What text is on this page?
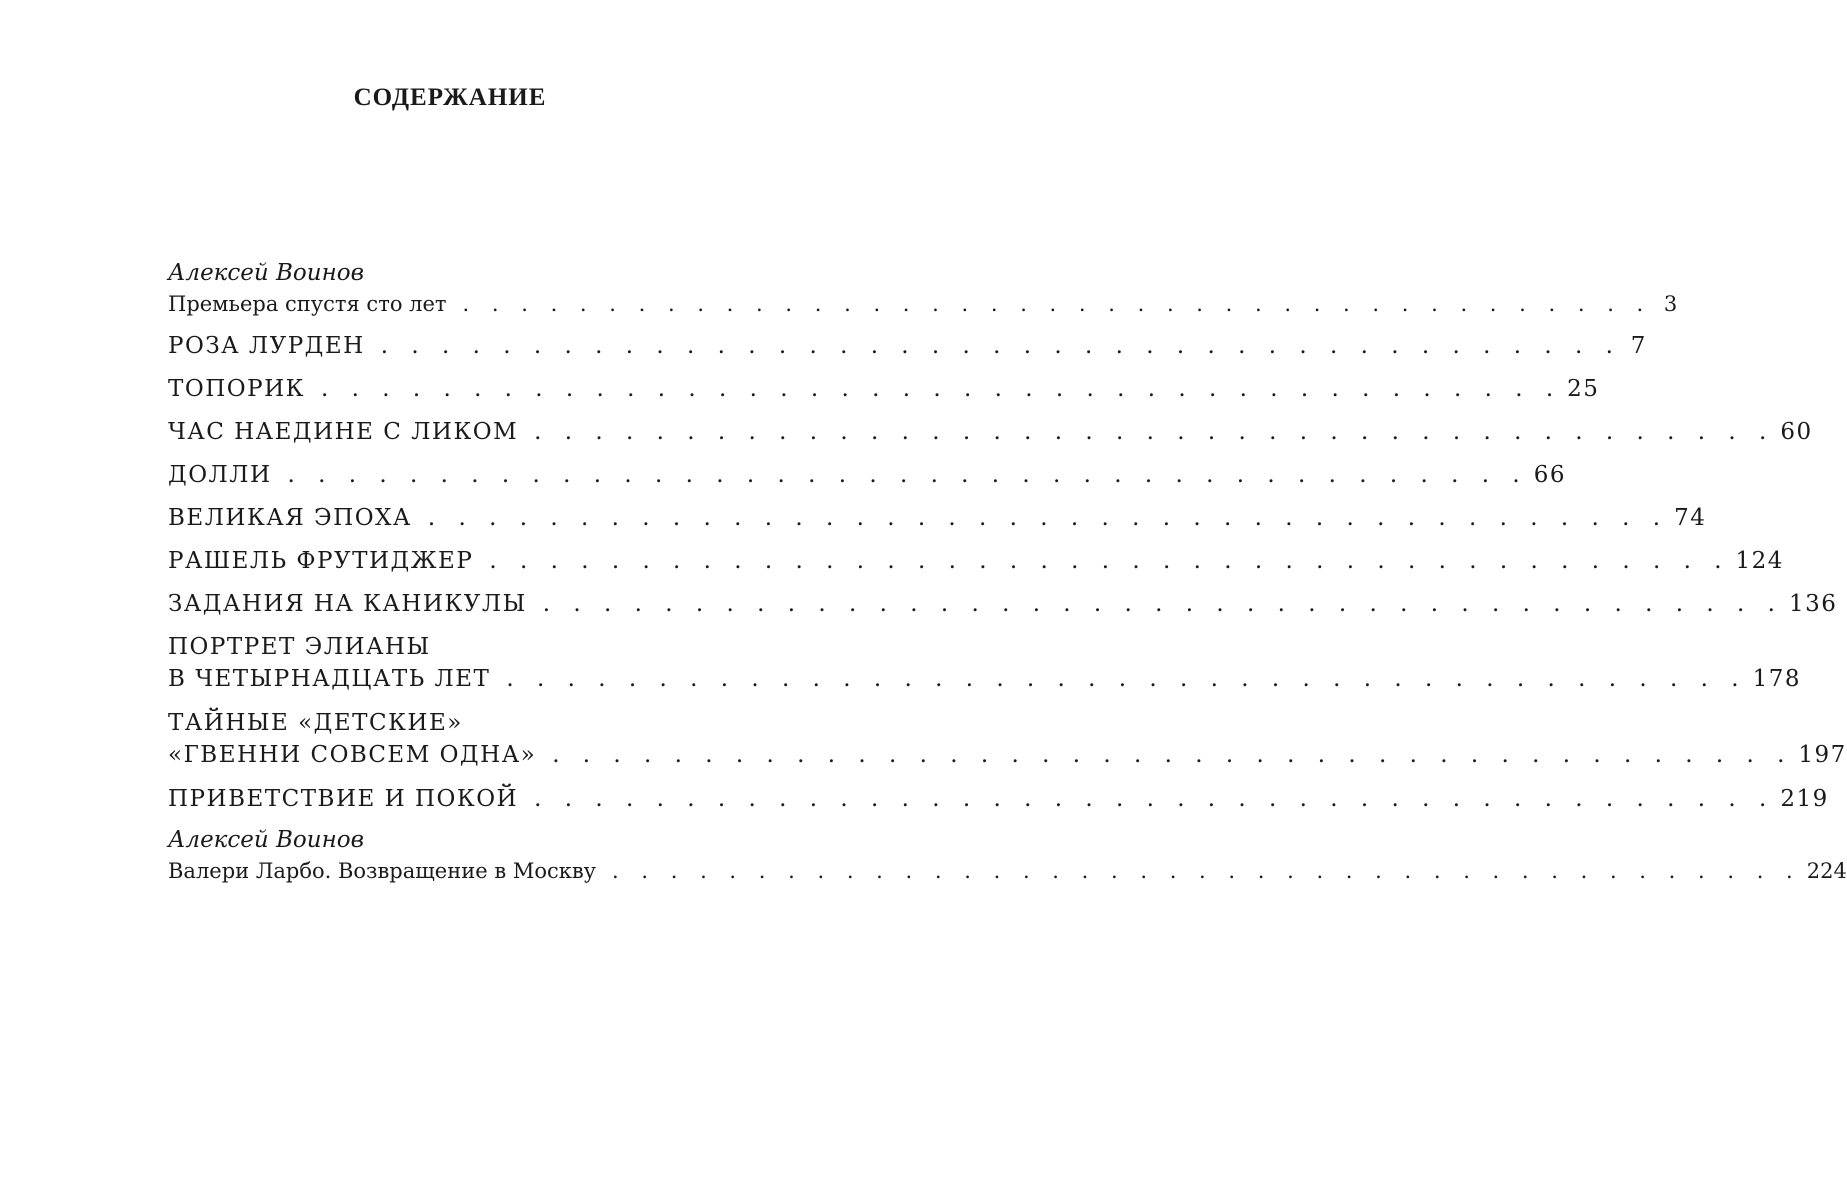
СОДЕРЖАНИЕ

Алексей Воинов

Премьера спустя сто лет . . . . . . . . . . . . . . . . . . . . . . . . . . . . . . . . . . . . . . . . . 3
РОЗА ЛУРДЕН . . . . . . . . . . . . . . . . . . . . . . . . . . . . . . . . . . . . . . . . . 7
ТОПОРИК . . . . . . . . . . . . . . . . . . . . . . . . . . . . . . . . . . . . . . . . . 25
ЧАС НАЕДИНЕ С ЛИКОМ . . . . . . . . . . . . . . . . . . . . . . . . . . . . . . . . . . . . . . . . . 60
ДОЛЛИ . . . . . . . . . . . . . . . . . . . . . . . . . . . . . . . . . . . . . . . . . 66
ВЕЛИКАЯ ЭПОХА . . . . . . . . . . . . . . . . . . . . . . . . . . . . . . . . . . . . . . . . . 74
РАШЕЛЬ ФРУТИДЖЕР . . . . . . . . . . . . . . . . . . . . . . . . . . . . . . . . . . . . . . . . . 124
ЗАДАНИЯ НА КАНИКУЛЫ . . . . . . . . . . . . . . . . . . . . . . . . . . . . . . . . . . . . . . . . . 136
ПОРТРЕТ ЭЛИАНЫ
В ЧЕТЫРНАДЦАТЬ ЛЕТ . . . . . . . . . . . . . . . . . . . . . . . . . . . . . . . . . . . . . . . . . 178
ТАЙНЫЕ «ДЕТСКИЕ»
«ГВЕННИ СОВСЕМ ОДНА» . . . . . . . . . . . . . . . . . . . . . . . . . . . . . . . . . . . . . . . . . 197
ПРИВЕТСТВИЕ И ПОКОЙ . . . . . . . . . . . . . . . . . . . . . . . . . . . . . . . . . . . . . . . . . 219

Алексей Воинов

Валери Ларбо. Возвращение в Москву . . . . . . . . . . . . . . . . . . . . . . . . . . . . . . . . . . . . . . . . . 224
